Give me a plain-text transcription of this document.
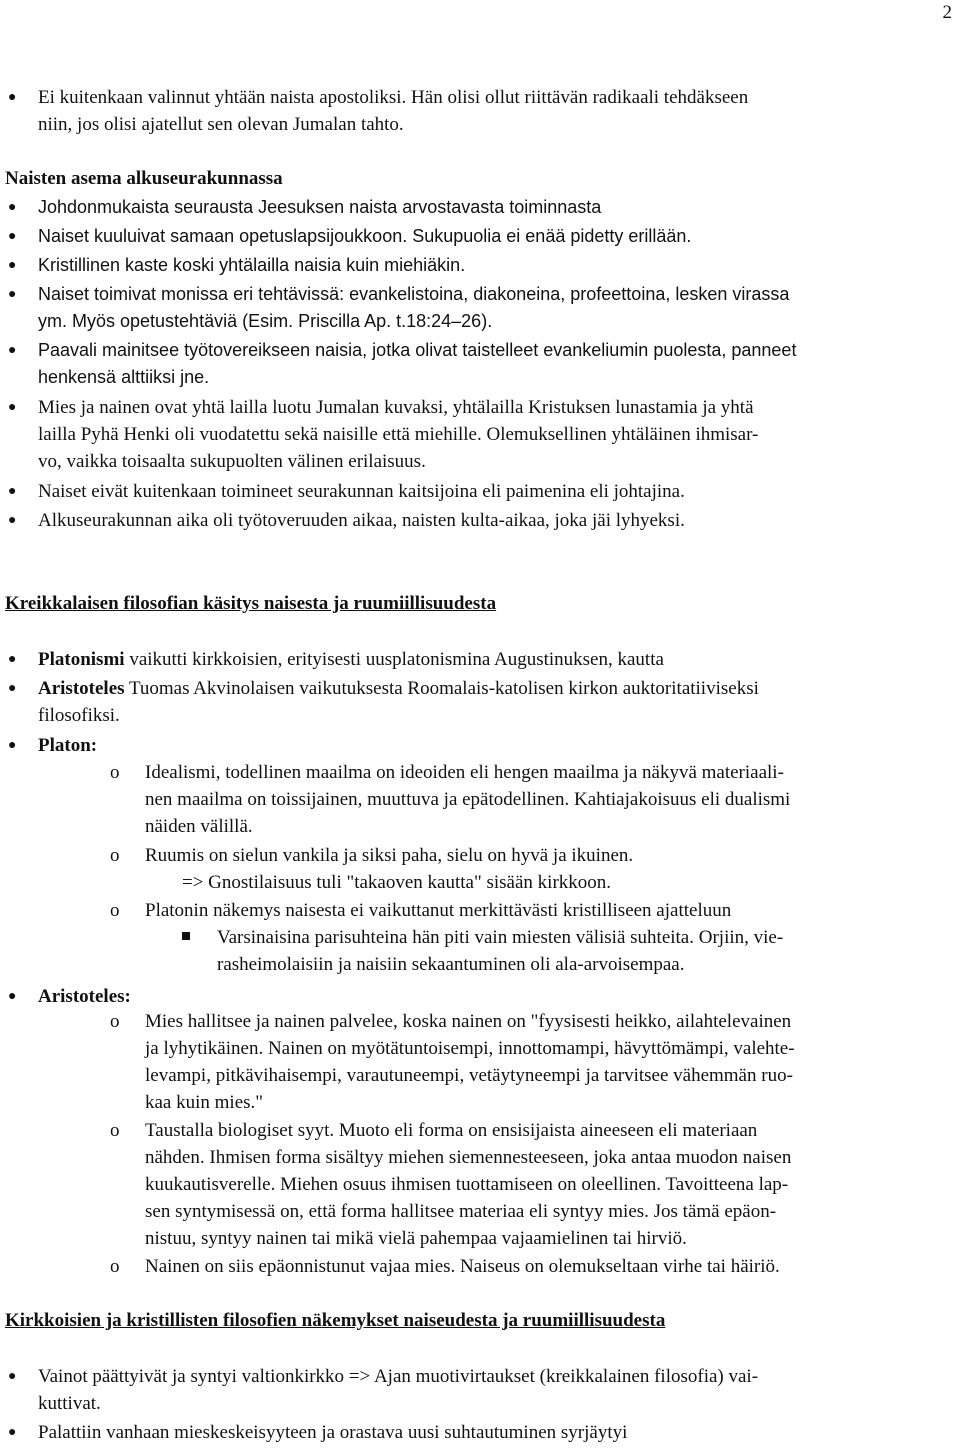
2
● Ei kuitenkaan valinnut yhtään naista apostoliksi. Hän olisi ollut riittävän radikaali tehdäkseen
niin, jos olisi ajatellut sen olevan Jumalan tahto.
Naisten asema alkuseurakunnassa
● Johdonmukaista seurausta Jeesuksen naista arvostavasta toiminnasta
● Naiset kuuluivat samaan opetuslapsijoukkoon. Sukupuolia ei enää pidetty erillään.
● Kristillinen kaste koski yhtälailla naisia kuin miehiäkin.
● Naiset toimivat monissa eri tehtävissä: evankelistoina, diakoneina, profeettoina, lesken virassa
ym. Myös opetustehtäviä (Esim. Priscilla Ap. t.18:24–26).
● Paavali mainitsee työtovereikseen naisia, jotka olivat taistelleet evankeliumin puolesta, panneet
henkensä alttiiksi jne.
● Mies ja nainen ovat yhtä lailla luotu Jumalan kuvaksi, yhtälailla Kristuksen lunastamia ja yhtä
lailla Pyhä Henki oli vuodatettu sekä naisille että miehille. Olemuksellinen yhtäläinen ihmisar-
vo, vaikka toisaalta sukupuolten välinen erilaisuus.
● Naiset eivät kuitenkaan toimineet seurakunnan kaitsijoina eli paimenina eli johtajina.
● Alkuseurakunnan aika oli työtoveruuden aikaa, naisten kulta-aikaa, joka jäi lyhyeksi.
Kreikkalaisen filosofian käsitys naisesta ja ruumiillisuudesta
● Platonismi vaikutti kirkkoisien, erityisesti uusplatonismina Augustinuksen, kautta
● Aristoteles Tuomas Akvinolaisen vaikutuksesta Roomalais-katolisen kirkon auktoritatiiviseksi
filosofiksi.
● Platon:
o Idealismi, todellinen maailma on ideoiden eli hengen maailma ja näkyvä materiaali-
nen maailma on toissijainen, muuttuva ja epätodellinen. Kahtiajakoisuus eli dualismi
näiden välillä.
o Ruumis on sielun vankila ja siksi paha, sielu on hyvä ja ikuinen.
=> Gnostilaisuus tuli "takaoven kautta" sisään kirkkoon.
o Platonin näkemys naisesta ei vaikuttanut merkittävästi kristilliseen ajatteluun
Varsinaisina parisuhteina hän piti vain miesten välisiä suhteita. Orjiin, vie-
rasheimolaisiin ja naisiin sekaantuminen oli ala-arvoisempaa.
● Aristoteles:
o Mies hallitsee ja nainen palvelee, koska nainen on "fyysisesti heikko, ailahtelevainen
ja lyhytikäinen. Nainen on myötätuntoisempi, innottomampi, hävyttömämpi, valehte-
levampi, pitkävihaisempi, varautuneempi, vetäytyneempi ja tarvitsee vähemmän ruo-
kaa kuin mies."
o Taustalla biologiset syyt. Muoto eli forma on ensisijaista aineeseen eli materiaan
nähden. Ihmisen forma sisältyy miehen siemennesteeseen, joka antaa muodon naisen
kuukautisverelle. Miehen osuus ihmisen tuottamiseen on oleellinen. Tavoitteena lap-
sen syntymisessä on, että forma hallitsee materiaa eli syntyy mies. Jos tämä epäon-
nistuu, syntyy nainen tai mikä vielä pahempaa vajaamielinen tai hirviö.
o Nainen on siis epäonnistunut vajaa mies. Naiseus on olemukseltaan virhe tai häiriö.
Kirkkoisien ja kristillisten filosofien näkemykset naiseudesta ja ruumiillisuudesta
● Vainot päättyivät ja syntyi valtionkirkko => Ajan muotivirtaukset (kreikkalainen filosofia) vai-
kuttivat.
● Palattiin vanhaan mieskeskeisyyteen ja orastava uusi suhtautuminen syrjäytyi
